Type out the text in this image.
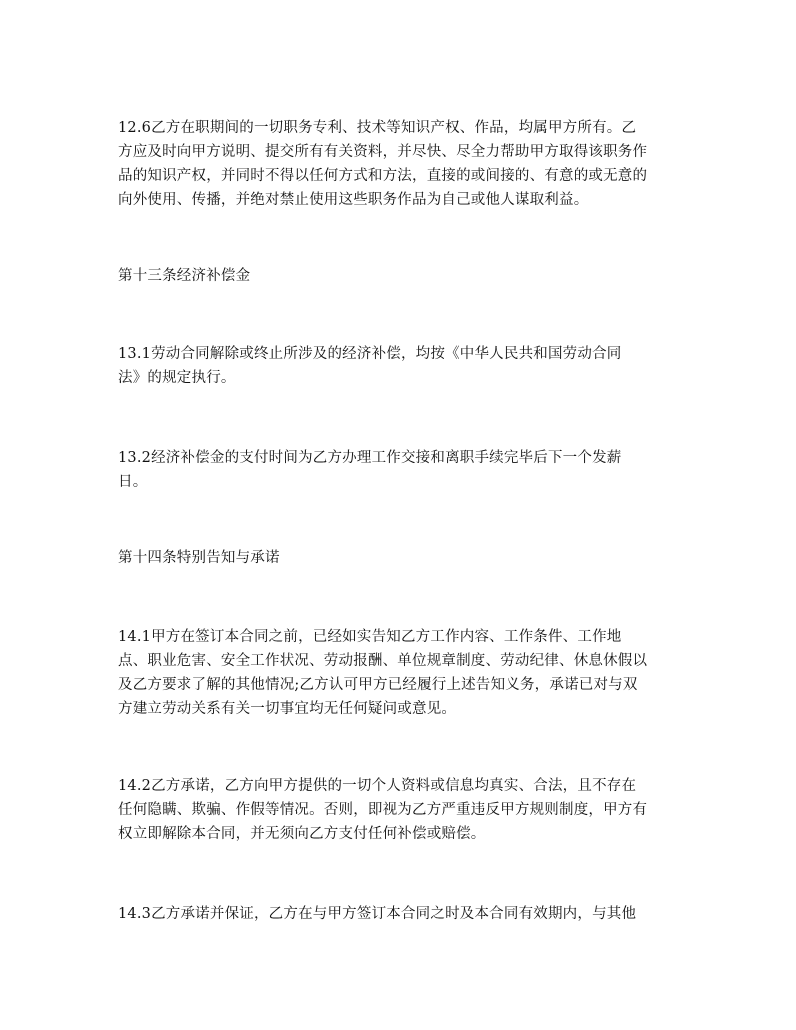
12.6乙方在职期间的一切职务专利、技术等知识产权、作品，均属甲方所有。乙
方应及时向甲方说明、提交所有有关资料，并尽快、尽全力帮助甲方取得该职务作
品的知识产权，并同时不得以任何方式和方法，直接的或间接的、有意的或无意的
向外使用、传播，并绝对禁止使用这些职务作品为自己或他人谋取利益。
第十三条经济补偿金
13.1劳动合同解除或终止所涉及的经济补偿，均按《中华人民共和国劳动合同
法》的规定执行。
13.2经济补偿金的支付时间为乙方办理工作交接和离职手续完毕后下一个发薪
日。
第十四条特别告知与承诺
14.1甲方在签订本合同之前，已经如实告知乙方工作内容、工作条件、工作地
点、职业危害、安全工作状况、劳动报酬、单位规章制度、劳动纪律、休息休假以
及乙方要求了解的其他情况;乙方认可甲方已经履行上述告知义务，承诺已对与双
方建立劳动关系有关一切事宜均无任何疑问或意见。
14.2乙方承诺，乙方向甲方提供的一切个人资料或信息均真实、合法，且不存在
任何隐瞒、欺骗、作假等情况。否则，即视为乙方严重违反甲方规则制度，甲方有
权立即解除本合同，并无须向乙方支付任何补偿或赔偿。
14.3乙方承诺并保证，乙方在与甲方签订本合同之时及本合同有效期内，与其他
